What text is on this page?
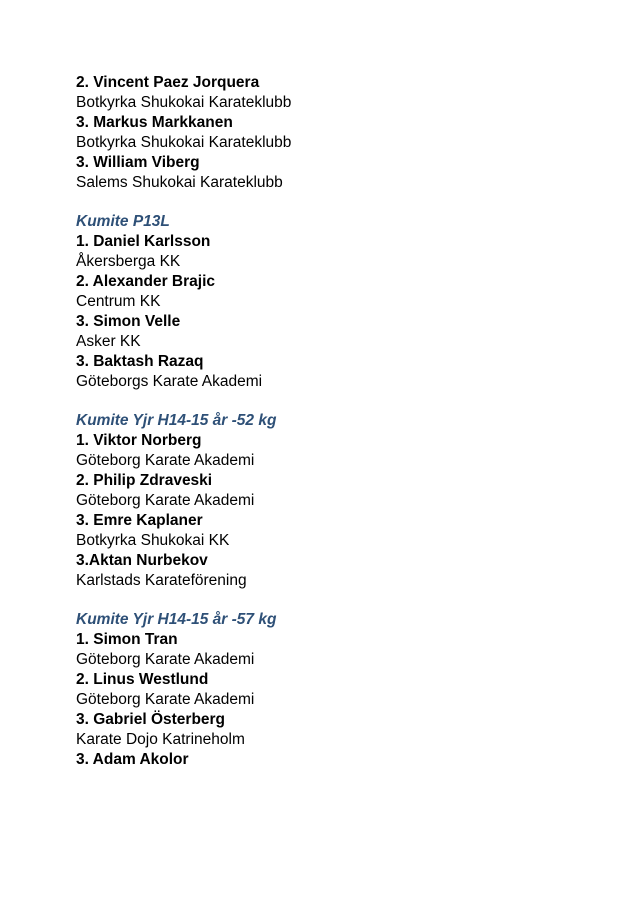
2. Vincent Paez Jorquera
Botkyrka Shukokai Karateklubb
3. Markus Markkanen
Botkyrka Shukokai Karateklubb
3. William Viberg
Salems Shukokai Karateklubb
Kumite P13L
1. Daniel Karlsson
Åkersberga KK
2. Alexander Brajic
Centrum KK
3. Simon Velle
Asker KK
3. Baktash Razaq
Göteborgs Karate Akademi
Kumite Yjr H14-15 år -52 kg
1. Viktor Norberg
Göteborg Karate Akademi
2. Philip Zdraveski
Göteborg Karate Akademi
3. Emre Kaplaner
Botkyrka Shukokai KK
3.Aktan Nurbekov
Karlstads Karateförening
Kumite Yjr H14-15 år -57 kg
1. Simon Tran
Göteborg Karate Akademi
2. Linus Westlund
Göteborg Karate Akademi
3. Gabriel Österberg
Karate Dojo Katrineholm
3. Adam Akolor
